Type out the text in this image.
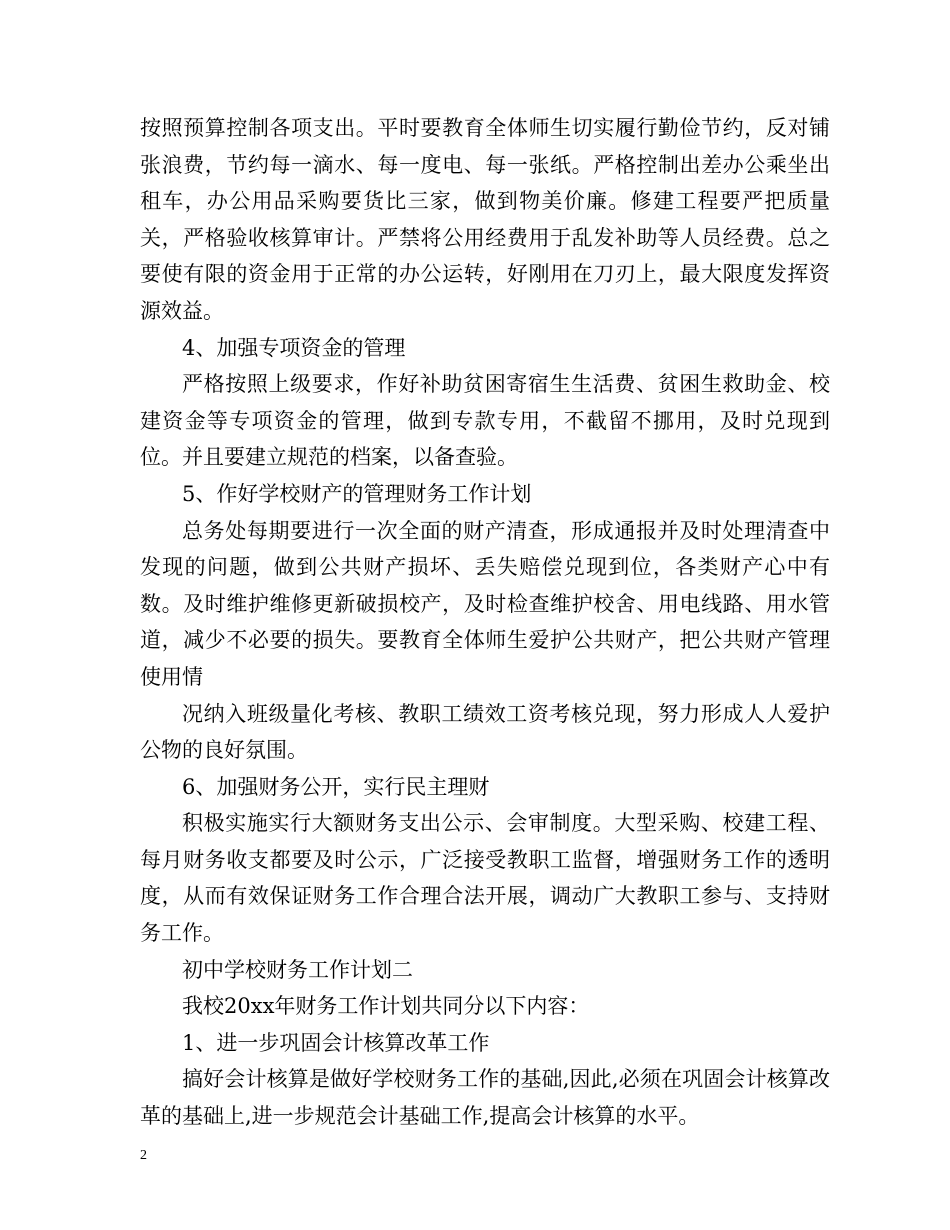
按照预算控制各项支出。平时要教育全体师生切实履行勤俭节约，反对铺张浪费，节约每一滴水、每一度电、每一张纸。严格控制出差办公乘坐出租车，办公用品采购要货比三家，做到物美价廉。修建工程要严把质量关，严格验收核算审计。严禁将公用经费用于乱发补助等人员经费。总之要使有限的资金用于正常的办公运转，好刚用在刀刃上，最大限度发挥资源效益。

4、加强专项资金的管理

严格按照上级要求，作好补助贫困寄宿生生活费、贫困生救助金、校建资金等专项资金的管理，做到专款专用，不截留不挪用，及时兑现到位。并且要建立规范的档案，以备查验。

5、作好学校财产的管理财务工作计划

总务处每期要进行一次全面的财产清查，形成通报并及时处理清查中发现的问题，做到公共财产损坏、丢失赔偿兑现到位，各类财产心中有数。及时维护维修更新破损校产，及时检查维护校舍、用电线路、用水管道，减少不必要的损失。要教育全体师生爱护公共财产，把公共财产管理使用情

况纳入班级量化考核、教职工绩效工资考核兑现，努力形成人人爱护公物的良好氛围。

6、加强财务公开，实行民主理财

积极实施实行大额财务支出公示、会审制度。大型采购、校建工程、每月财务收支都要及时公示，广泛接受教职工监督，增强财务工作的透明度，从而有效保证财务工作合理合法开展，调动广大教职工参与、支持财务工作。

初中学校财务工作计划二

我校20xx年财务工作计划共同分以下内容：

1、进一步巩固会计核算改革工作

搞好会计核算是做好学校财务工作的基础,因此,必须在巩固会计核算改革的基础上,进一步规范会计基础工作,提高会计核算的水平。

2
